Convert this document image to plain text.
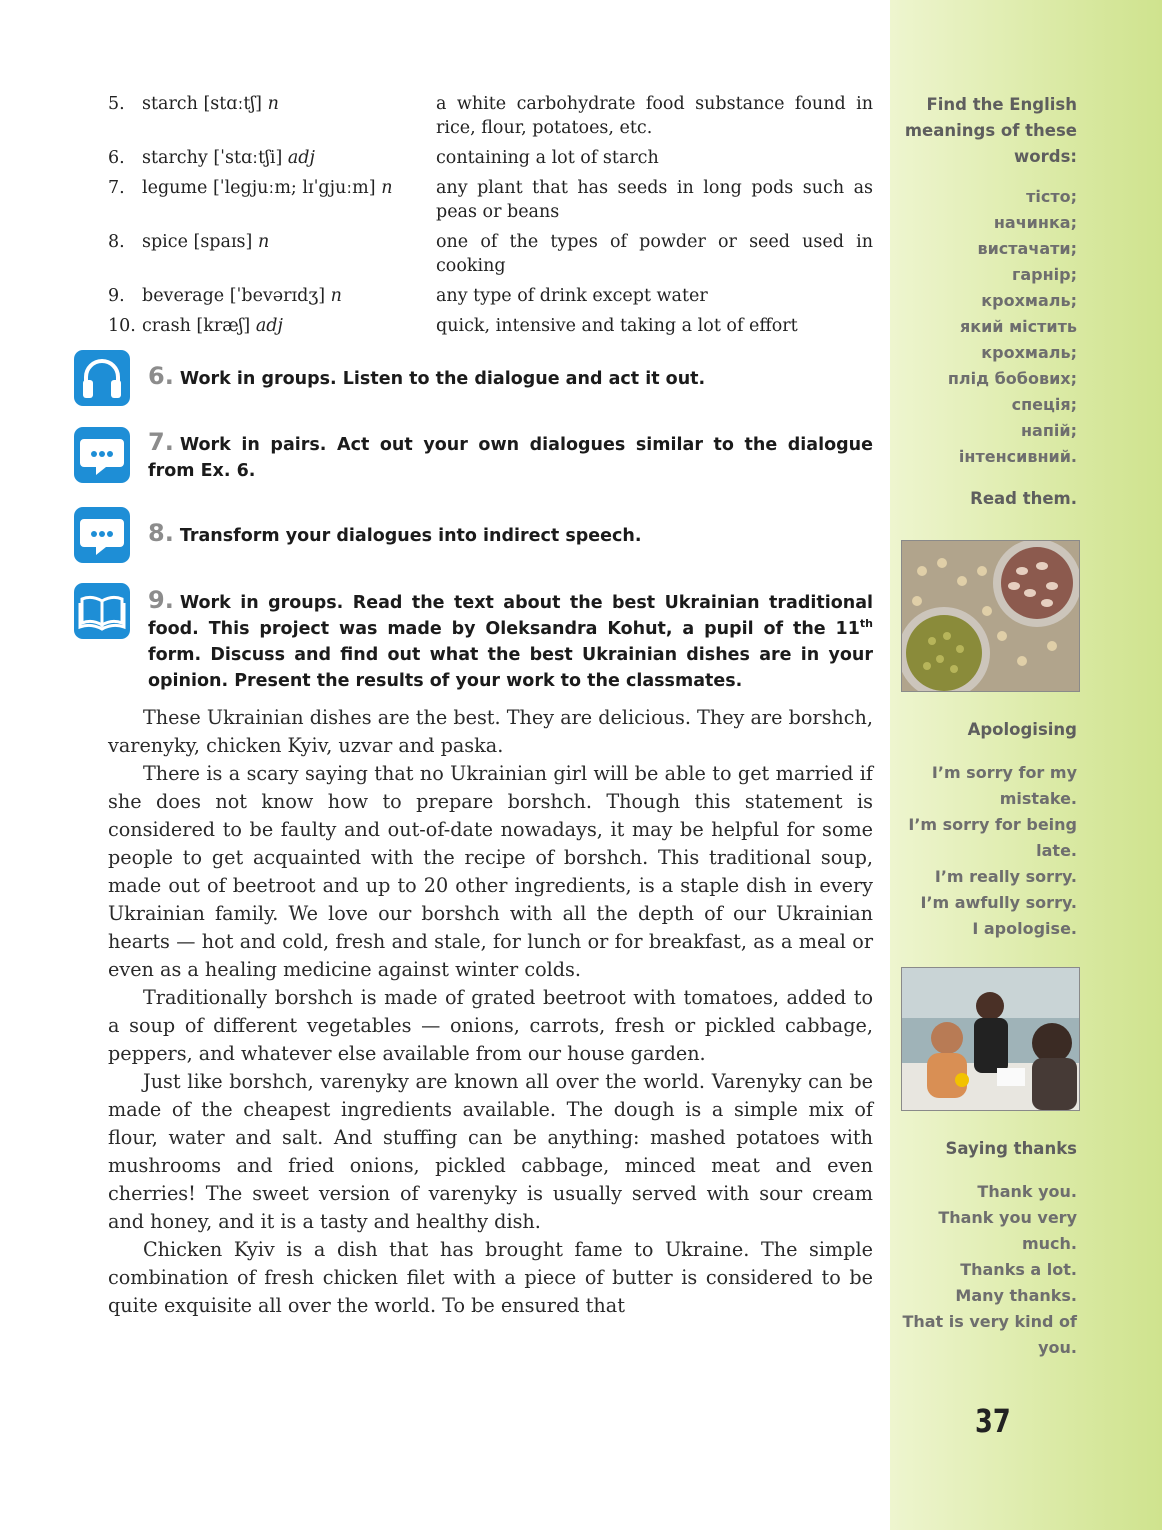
Find the English meanings of these words:
тісто;
начинка;
вистачати;
гарнір;
крохмаль;
який містить
крохмаль;
плід бобових;
спеція;
напій;
інтенсивний.
Read them.
Apologising
I’m sorry for my
mistake.
I’m sorry for being
late.
I’m really sorry.
I’m awfully sorry.
I apologise.
Saying thanks
Thank you.
Thank you very
much.
Thanks a lot.
Many thanks.
That is very kind of
you.
37
5. starch [stɑːtʃ] n	a white carbohydrate food substance found in rice, flour, potatoes, etc.
6. starchy [ˈstɑːtʃi] adj	containing a lot of starch
7. legume [ˈlegjuːm; lɪˈgjuːm] n	any plant that has seeds in long pods such as peas or beans
8. spice [spaɪs] n	one of the types of powder or seed used in cooking
9. beverage [ˈbevərɪdʒ] n	any type of drink except water
10. crash [kræʃ] adj	quick, intensive and taking a lot of effort
6. Work in groups. Listen to the dialogue and act it out.
7. Work in pairs. Act out your own dialogues similar to the dialogue from Ex. 6.
8. Transform your dialogues into indirect speech.
9. Work in groups. Read the text about the best Ukrainian traditional food. This project was made by Oleksandra Kohut, a pupil of the 11th form. Discuss and find out what the best Ukrainian dishes are in your opinion. Present the results of your work to the classmates.

These Ukrainian dishes are the best. They are delicious. They are borshch, varenyky, chicken Kyiv, uzvar and paska.

There is a scary saying that no Ukrainian girl will be able to get married if she does not know how to prepare borshch. Though this statement is considered to be faulty and out-of-date nowadays, it may be helpful for some people to get acquainted with the recipe of borshch. This traditional soup, made out of beetroot and up to 20 other ingredients, is a staple dish in every Ukrainian family. We love our borshch with all the depth of our Ukrainian hearts — hot and cold, fresh and stale, for lunch or for breakfast, as a meal or even as a healing medicine against winter colds.

Traditionally borshch is made of grated beetroot with tomatoes, added to a soup of different vegetables — onions, carrots, fresh or pickled cabbage, peppers, and whatever else available from our house garden.

Just like borshch, varenyky are known all over the world. Varenyky can be made of the cheapest ingredients available. The dough is a simple mix of flour, water and salt. And stuffing can be anything: mashed potatoes with mushrooms and fried onions, pickled cabbage, minced meat and even cherries! The sweet version of varenyky is usually served with sour cream and honey, and it is a tasty and healthy dish.

Chicken Kyiv is a dish that has brought fame to Ukraine. The simple combination of fresh chicken filet with a piece of butter is considered to be quite exquisite all over the world. To be ensured that
